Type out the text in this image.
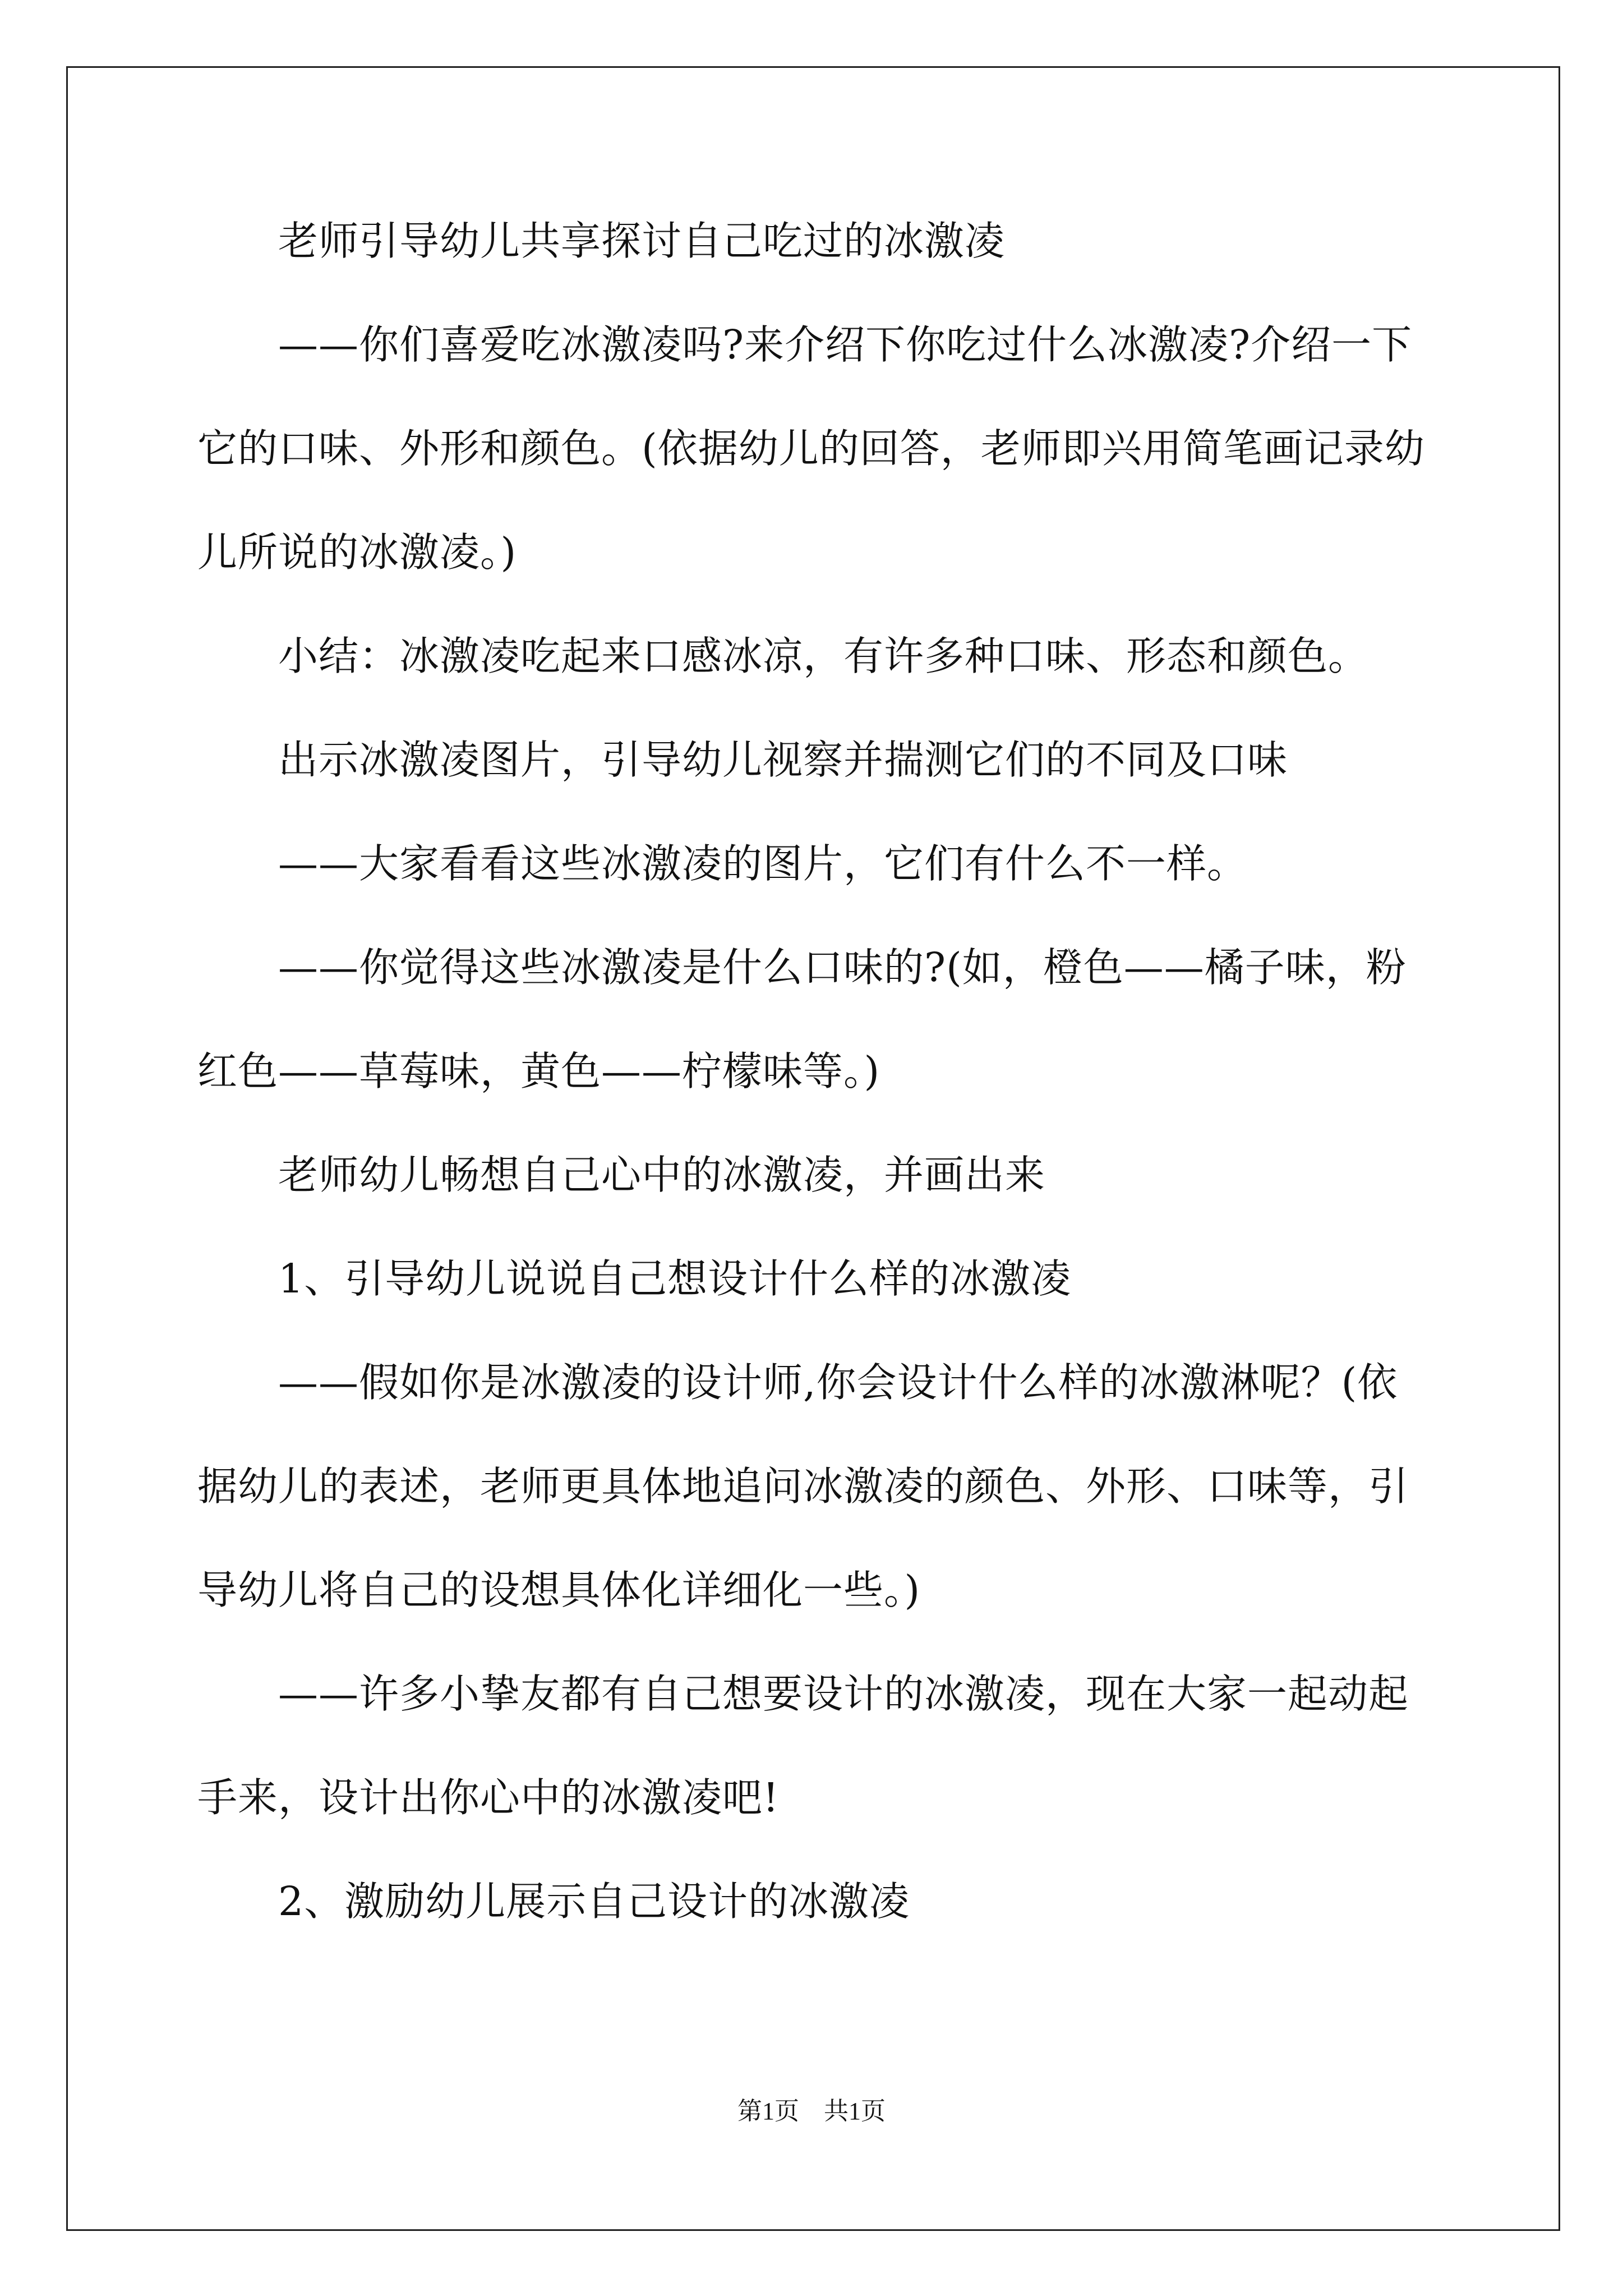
老师引导幼儿共享探讨自己吃过的冰激凌
——你们喜爱吃冰激凌吗?来介绍下你吃过什么冰激凌?介绍一下
它的口味、外形和颜色。(依据幼儿的回答，老师即兴用简笔画记录幼
儿所说的冰激凌。)
小结：冰激凌吃起来口感冰凉，有许多种口味、形态和颜色。
出示冰激凌图片，引导幼儿视察并揣测它们的不同及口味
——大家看看这些冰激凌的图片，它们有什么不一样。
——你觉得这些冰激凌是什么口味的?(如，橙色——橘子味，粉
红色——草莓味，黄色——柠檬味等。)
老师幼儿畅想自己心中的冰激凌，并画出来
1、引导幼儿说说自己想设计什么样的冰激凌
——假如你是冰激凌的设计师,你会设计什么样的冰激淋呢？(依
据幼儿的表述，老师更具体地追问冰激凌的颜色、外形、口味等，引
导幼儿将自己的设想具体化详细化一些。)
——许多小挚友都有自己想要设计的冰激凌，现在大家一起动起
手来，设计出你心中的冰激凌吧!
2、激励幼儿展示自己设计的冰激凌
第1页　共1页
